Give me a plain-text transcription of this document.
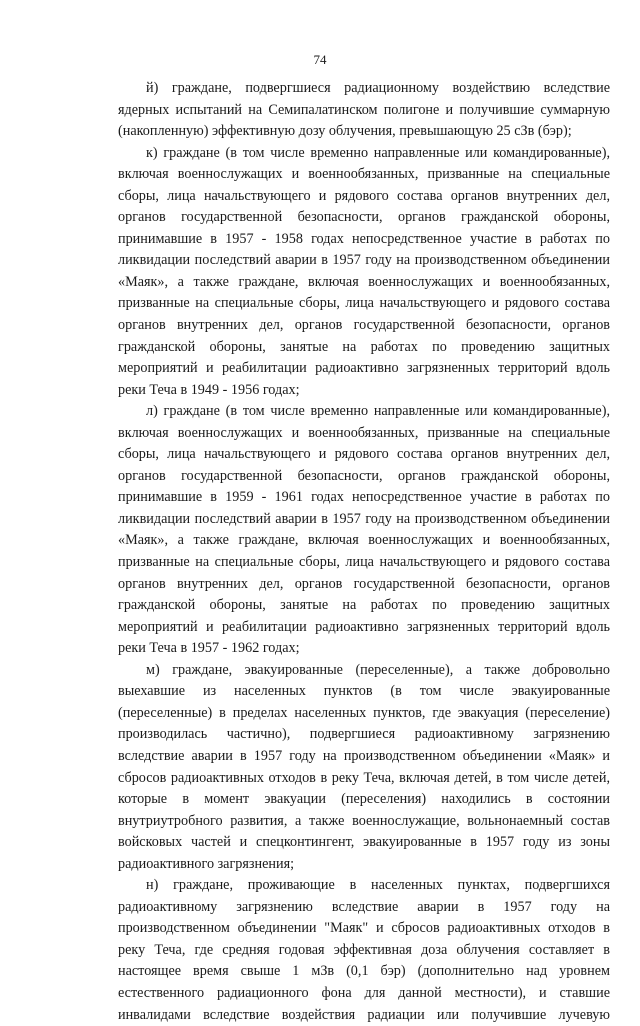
74
й) граждане, подвергшиеся радиационному воздействию вследствие
ядерных испытаний на Семипалатинском полигоне и получившие суммарную
(накопленную) эффективную дозу облучения, превышающую 25 сЗв (бэр);
к) граждане (в том числе временно направленные или командированные),
включая военнослужащих и военнообязанных, призванные на специальные
сборы, лица начальствующего и рядового состава органов внутренних дел,
органов государственной безопасности, органов гражданской обороны,
принимавшие в 1957 - 1958 годах непосредственное участие в работах по
ликвидации последствий аварии в 1957 году на производственном объединении
«Маяк», а также граждане, включая военнослужащих и военнообязанных,
призванные на специальные сборы, лица начальствующего и рядового состава
органов внутренних дел, органов государственной безопасности, органов
гражданской обороны, занятые на работах по проведению защитных
мероприятий и реабилитации радиоактивно загрязненных территорий вдоль
реки Теча в 1949 - 1956 годах;
л) граждане (в том числе временно направленные или командированные),
включая военнослужащих и военнообязанных, призванные на специальные
сборы, лица начальствующего и рядового состава органов внутренних дел,
органов государственной безопасности, органов гражданской обороны,
принимавшие в 1959 - 1961 годах непосредственное участие в работах по
ликвидации последствий аварии в 1957 году на производственном объединении
«Маяк», а также граждане, включая военнослужащих и военнообязанных,
призванные на специальные сборы, лица начальствующего и рядового состава
органов внутренних дел, органов государственной безопасности, органов
гражданской обороны, занятые на работах по проведению защитных
мероприятий и реабилитации радиоактивно загрязненных территорий вдоль
реки Теча в 1957 - 1962 годах;
м) граждане, эвакуированные (переселенные), а также добровольно
выехавшие из населенных пунктов (в том числе эвакуированные
(переселенные) в пределах населенных пунктов, где эвакуация (переселение)
производилась частично), подвергшиеся радиоактивному загрязнению
вследствие аварии в 1957 году на производственном объединении «Маяк» и
сбросов радиоактивных отходов в реку Теча, включая детей, в том числе детей,
которые в момент эвакуации (переселения) находились в состоянии
внутриутробного развития, а также военнослужащие, вольнонаемный состав
войсковых частей и спецконтингент, эвакуированные в 1957 году из зоны
радиоактивного загрязнения;
н) граждане, проживающие в населенных пунктах, подвергшихся
радиоактивному загрязнению вследствие аварии в 1957 году на
производственном объединении "Маяк" и сбросов радиоактивных отходов в
реку Теча, где средняя годовая эффективная доза облучения составляет в
настоящее время свыше 1 мЗв (0,1 бэр) (дополнительно над уровнем
естественного радиационного фона для данной местности), и ставшие
инвалидами вследствие воздействия радиации или получившие лучевую
